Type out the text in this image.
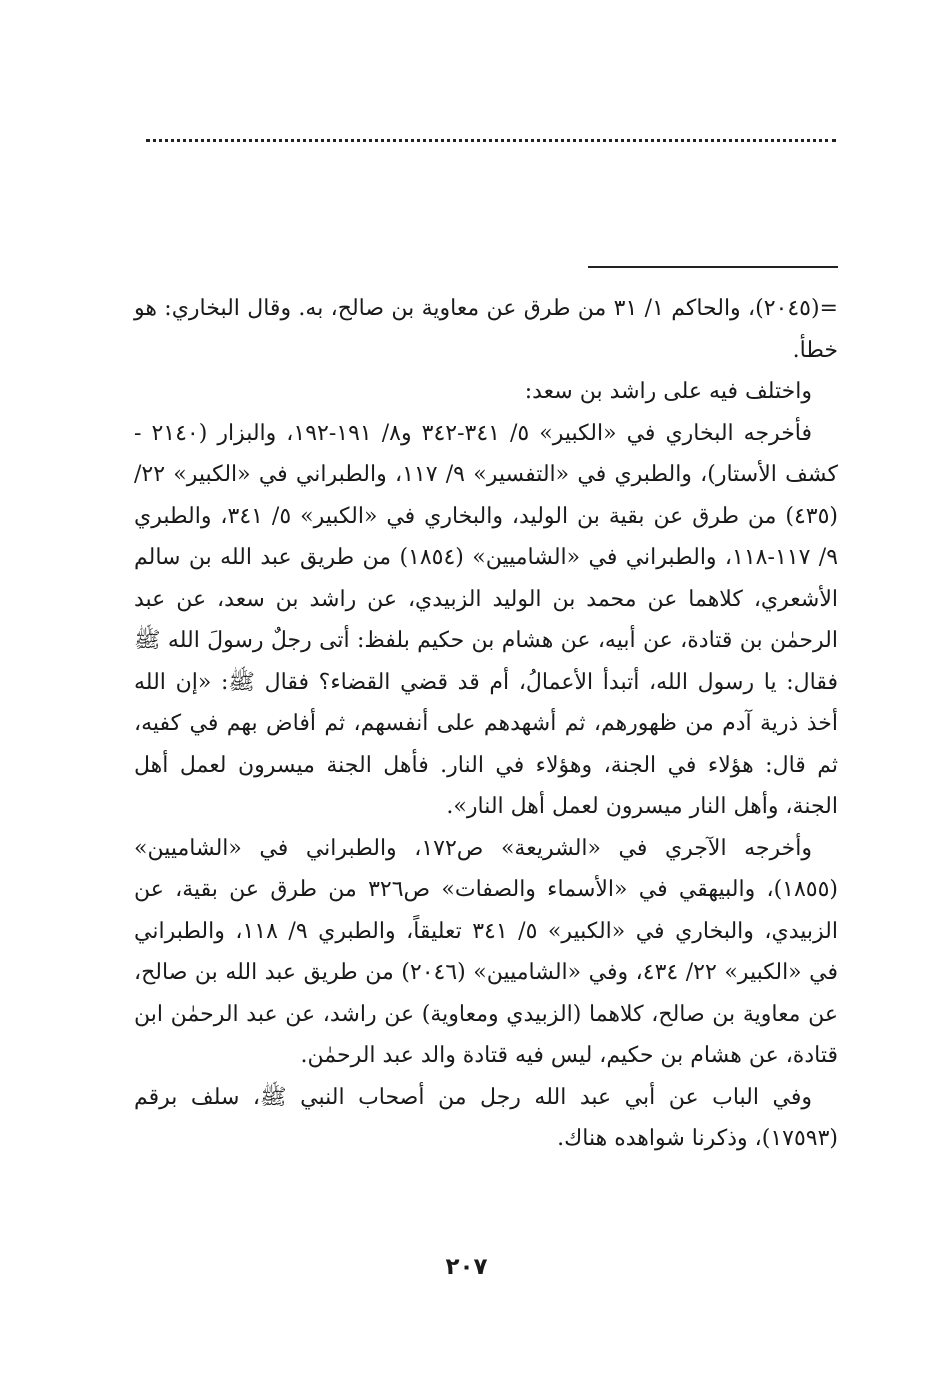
=(٢٠٤٥)، والحاكم ١/ ٣١ من طرق عن معاوية بن صالح، به. وقال البخاري: هو خطأ.

واختلف فيه على راشد بن سعد:

فأخرجه البخاري في «الكبير» ٥/ ٣٤١-٣٤٢ و٨/ ١٩١-١٩٢، والبزار (٢١٤٠ - كشف الأستار)، والطبري في «التفسير» ٩/ ١١٧، والطبراني في «الكبير» ٢٢/ (٤٣٥) من طرق عن بقية بن الوليد، والبخاري في «الكبير» ٥/ ٣٤١، والطبري ٩/ ١١٧-١١٨، والطبراني في «الشاميين» (١٨٥٤) من طريق عبد الله بن سالم الأشعري، كلاهما عن محمد بن الوليد الزبيدي، عن راشد بن سعد، عن عبد الرحمٰن بن قتادة، عن أبيه، عن هشام بن حكيم بلفظ: أتى رجلٌ رسولَ الله ﷺ فقال: يا رسول الله، أتبدأ الأعمالُ، أم قد قضي القضاء؟ فقال ﷺ: «إن الله أخذ ذرية آدم من ظهورهم، ثم أشهدهم على أنفسهم، ثم أفاض بهم في كفيه، ثم قال: هؤلاء في الجنة، وهؤلاء في النار. فأهل الجنة ميسرون لعمل أهل الجنة، وأهل النار ميسرون لعمل أهل النار».

وأخرجه الآجري في «الشريعة» ص١٧٢، والطبراني في «الشاميين» (١٨٥٥)، والبيهقي في «الأسماء والصفات» ص٣٢٦ من طرق عن بقية، عن الزبيدي، والبخاري في «الكبير» ٥/ ٣٤١ تعليقاً، والطبري ٩/ ١١٨، والطبراني في «الكبير» ٢٢/ ٤٣٤، وفي «الشاميين» (٢٠٤٦) من طريق عبد الله بن صالح، عن معاوية بن صالح، كلاهما (الزبيدي ومعاوية) عن راشد، عن عبد الرحمٰن ابن قتادة، عن هشام بن حكيم، ليس فيه قتادة والد عبد الرحمٰن.

وفي الباب عن أبي عبد الله رجل من أصحاب النبي ﷺ، سلف برقم (١٧٥٩٣)، وذكرنا شواهده هناك.

٢٠٧
